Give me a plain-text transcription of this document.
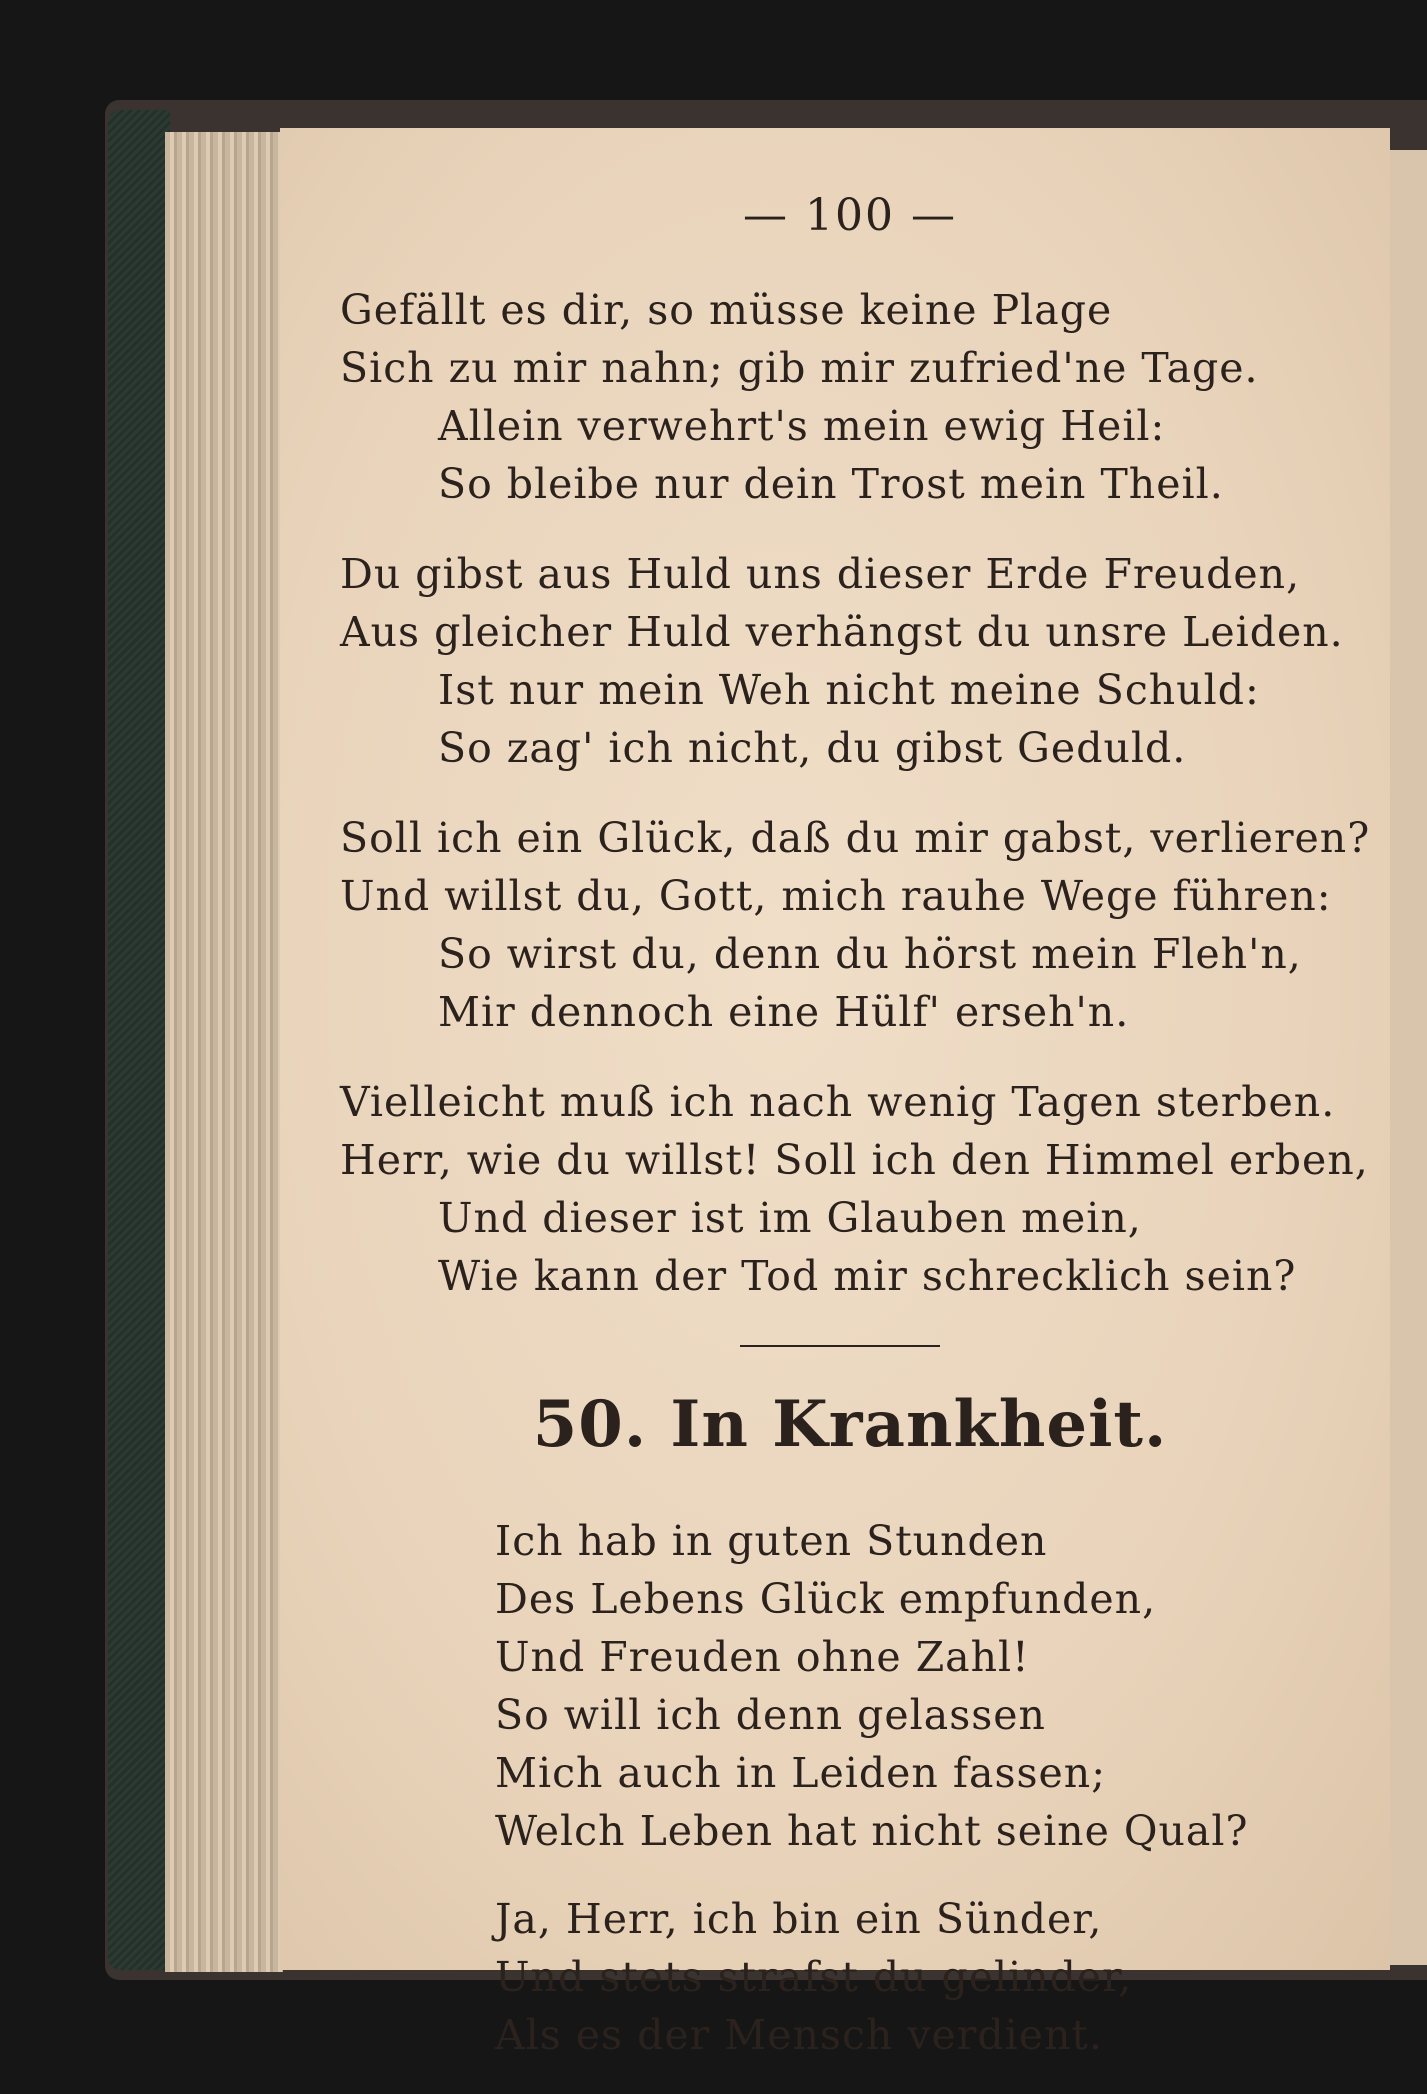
— 100 —
Gefällt es dir, so müsse keine Plage
Sich zu mir nahn; gib mir zufried'ne Tage.
Allein verwehrt's mein ewig Heil:
So bleibe nur dein Trost mein Theil.
Du gibst aus Huld uns dieser Erde Freuden,
Aus gleicher Huld verhängst du unsre Leiden.
Ist nur mein Weh nicht meine Schuld:
So zag' ich nicht, du gibst Geduld.
Soll ich ein Glück, daß du mir gabst, verlieren?
Und willst du, Gott, mich rauhe Wege führen:
So wirst du, denn du hörst mein Fleh'n,
Mir dennoch eine Hülf' erseh'n.
Vielleicht muß ich nach wenig Tagen sterben.
Herr, wie du willst! Soll ich den Himmel erben,
Und dieser ist im Glauben mein,
Wie kann der Tod mir schrecklich sein?
50. In Krankheit.
Ich hab in guten Stunden
Des Lebens Glück empfunden,
Und Freuden ohne Zahl!
So will ich denn gelassen
Mich auch in Leiden fassen;
Welch Leben hat nicht seine Qual?
Ja, Herr, ich bin ein Sünder,
Und stets strafst du gelinder,
Als es der Mensch verdient.
